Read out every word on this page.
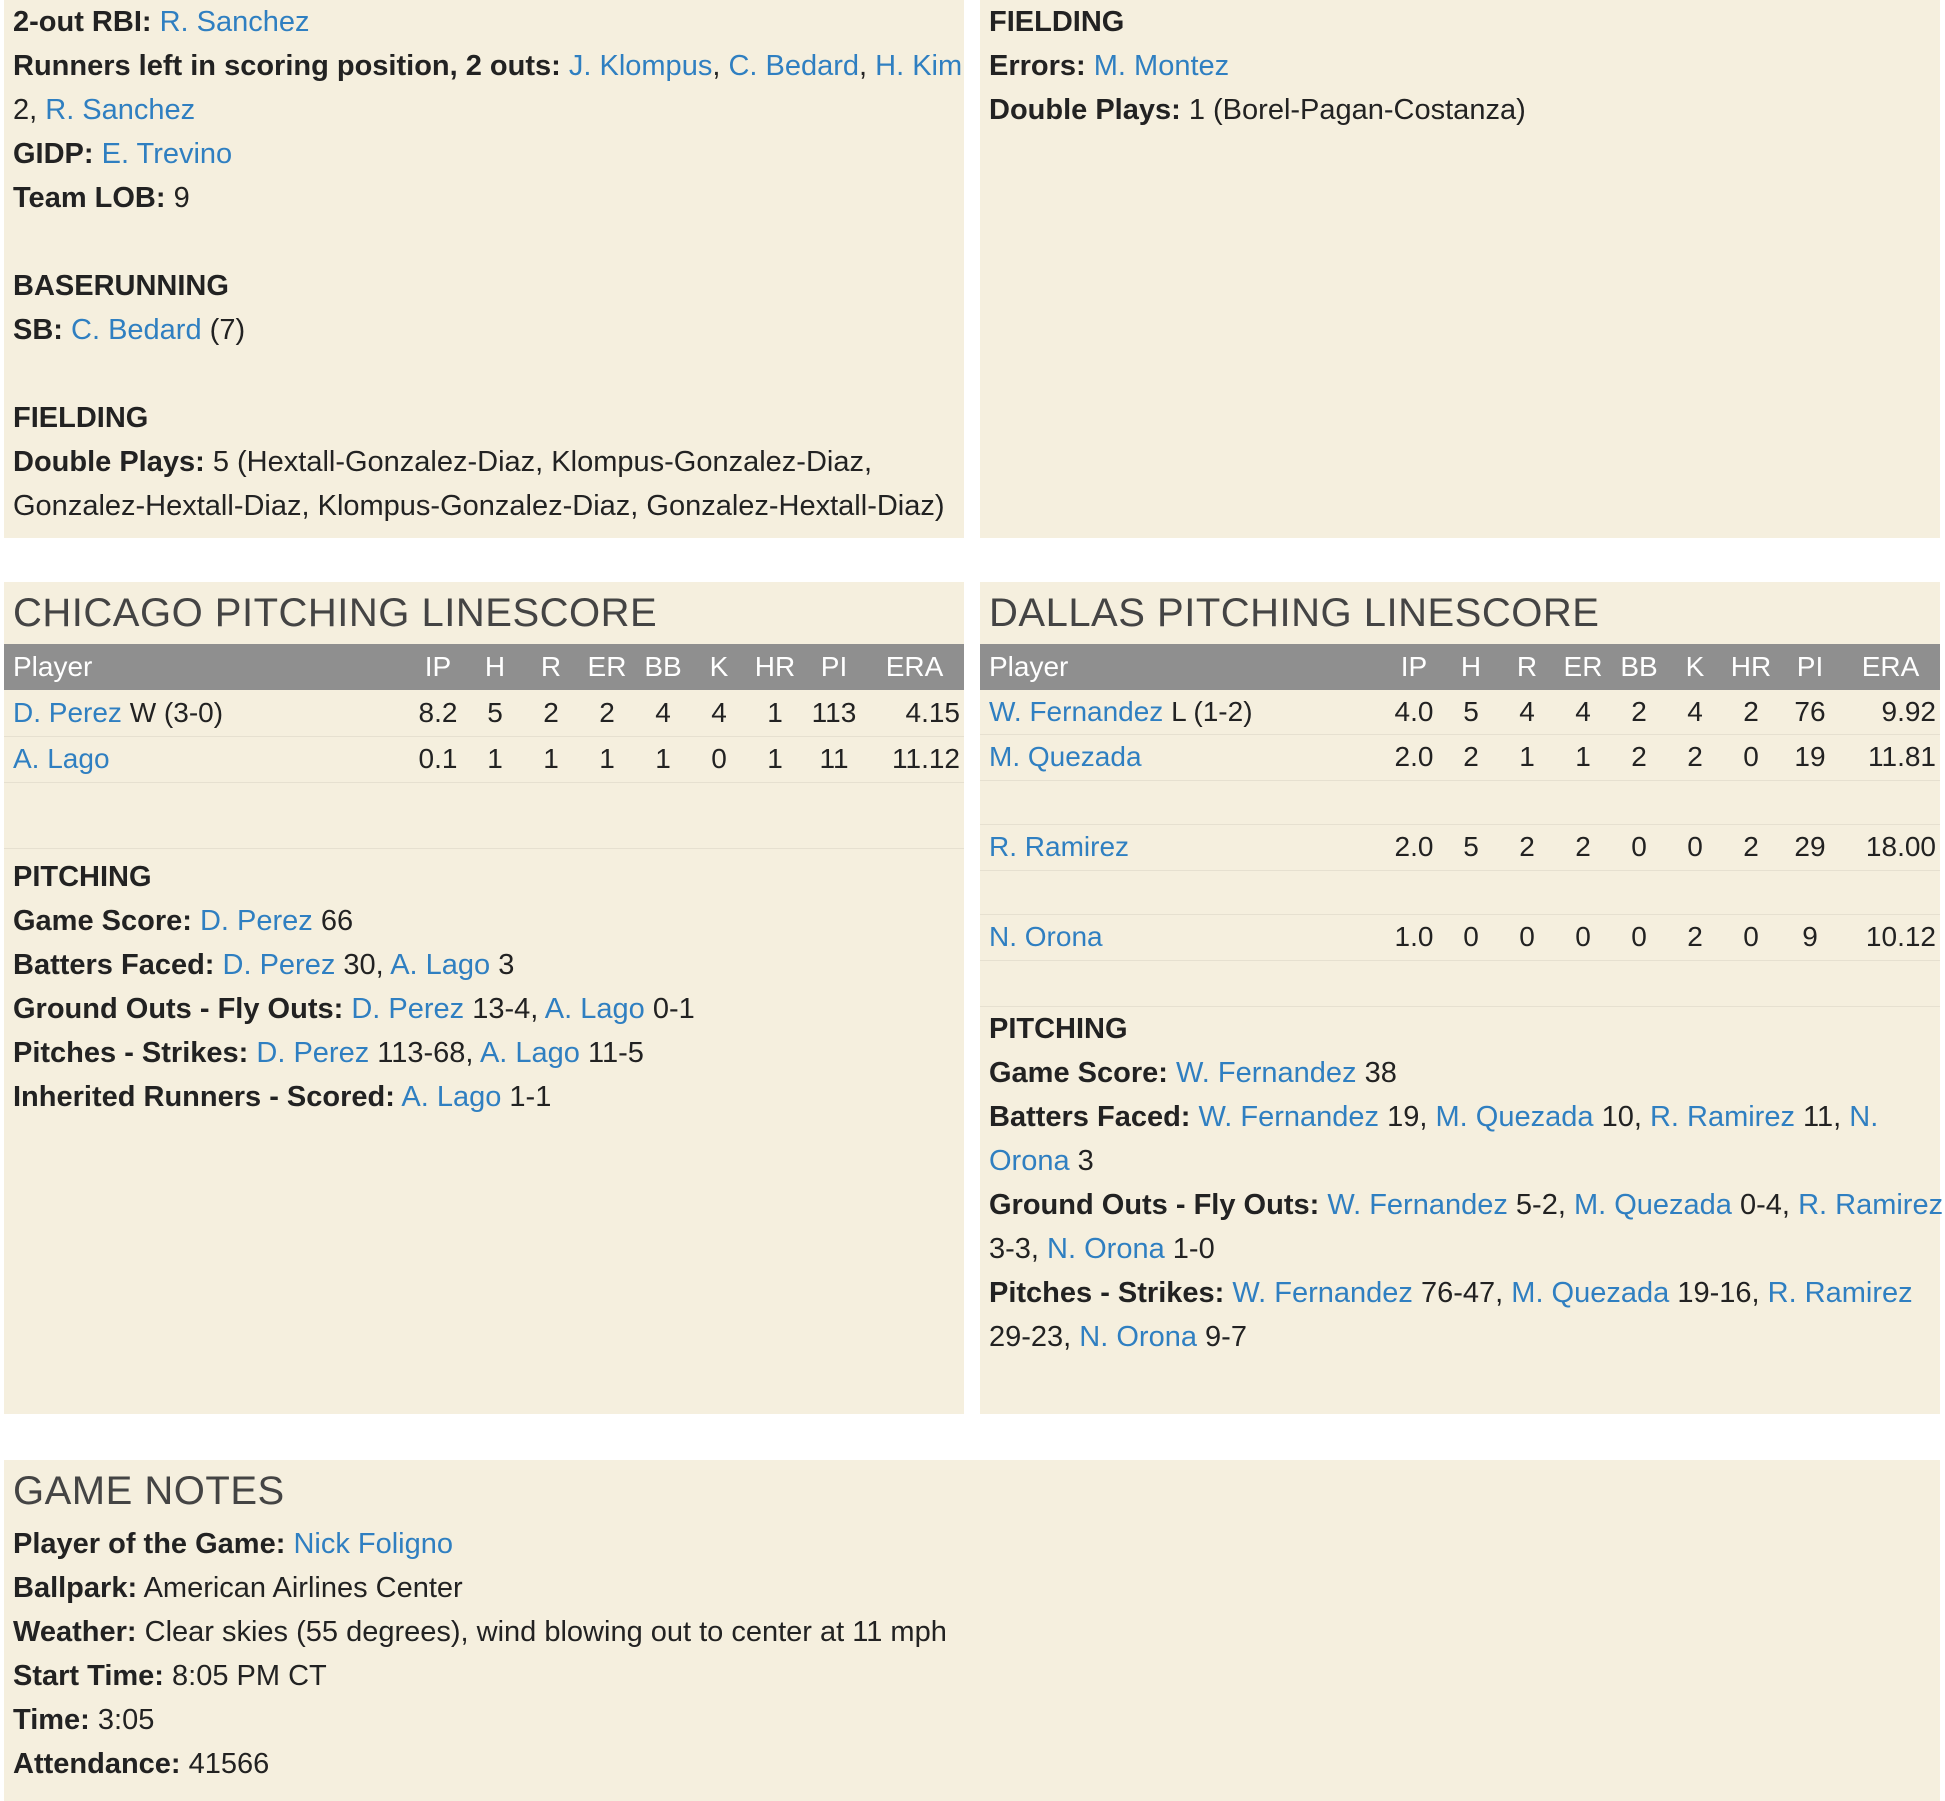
2-out RBI: R. Sanchez
Runners left in scoring position, 2 outs: J. Klompus, C. Bedard, H. Kim
2, R. Sanchez
GIDP: E. Trevino
Team LOB: 9
BASERUNNING
SB: C. Bedard (7)
FIELDING
Double Plays: 5 (Hextall-Gonzalez-Diaz, Klompus-Gonzalez-Diaz,
Gonzalez-Hextall-Diaz, Klompus-Gonzalez-Diaz, Gonzalez-Hextall-Diaz)
FIELDING
Errors: M. Montez
Double Plays: 1 (Borel-Pagan-Costanza)
CHICAGO PITCHING LINESCORE
Player	IP	H	R	ER	BB	K	HR	PI	ERA
D. Perez W (3-0)	8.2	5	2	2	4	4	1	113	4.15
A. Lago	0.1	1	1	1	1	0	1	11	11.12

PITCHING
Game Score: D. Perez 66
Batters Faced: D. Perez 30, A. Lago 3
Ground Outs - Fly Outs: D. Perez 13-4, A. Lago 0-1
Pitches - Strikes: D. Perez 113-68, A. Lago 11-5
Inherited Runners - Scored: A. Lago 1-1
DALLAS PITCHING LINESCORE
Player	IP	H	R	ER	BB	K	HR	PI	ERA
W. Fernandez L (1-2)	4.0	5	4	4	2	4	2	76	9.92
M. Quezada	2.0	2	1	1	2	2	0	19	11.81

R. Ramirez	2.0	5	2	2	0	0	2	29	18.00

N. Orona	1.0	0	0	0	0	2	0	9	10.12

PITCHING
Game Score: W. Fernandez 38
Batters Faced: W. Fernandez 19, M. Quezada 10, R. Ramirez 11, N.
Orona 3
Ground Outs - Fly Outs: W. Fernandez 5-2, M. Quezada 0-4, R. Ramirez
3-3, N. Orona 1-0
Pitches - Strikes: W. Fernandez 76-47, M. Quezada 19-16, R. Ramirez
29-23, N. Orona 9-7
GAME NOTES
Player of the Game: Nick Foligno
Ballpark: American Airlines Center
Weather: Clear skies (55 degrees), wind blowing out to center at 11 mph
Start Time: 8:05 PM CT
Time: 3:05
Attendance: 41566
